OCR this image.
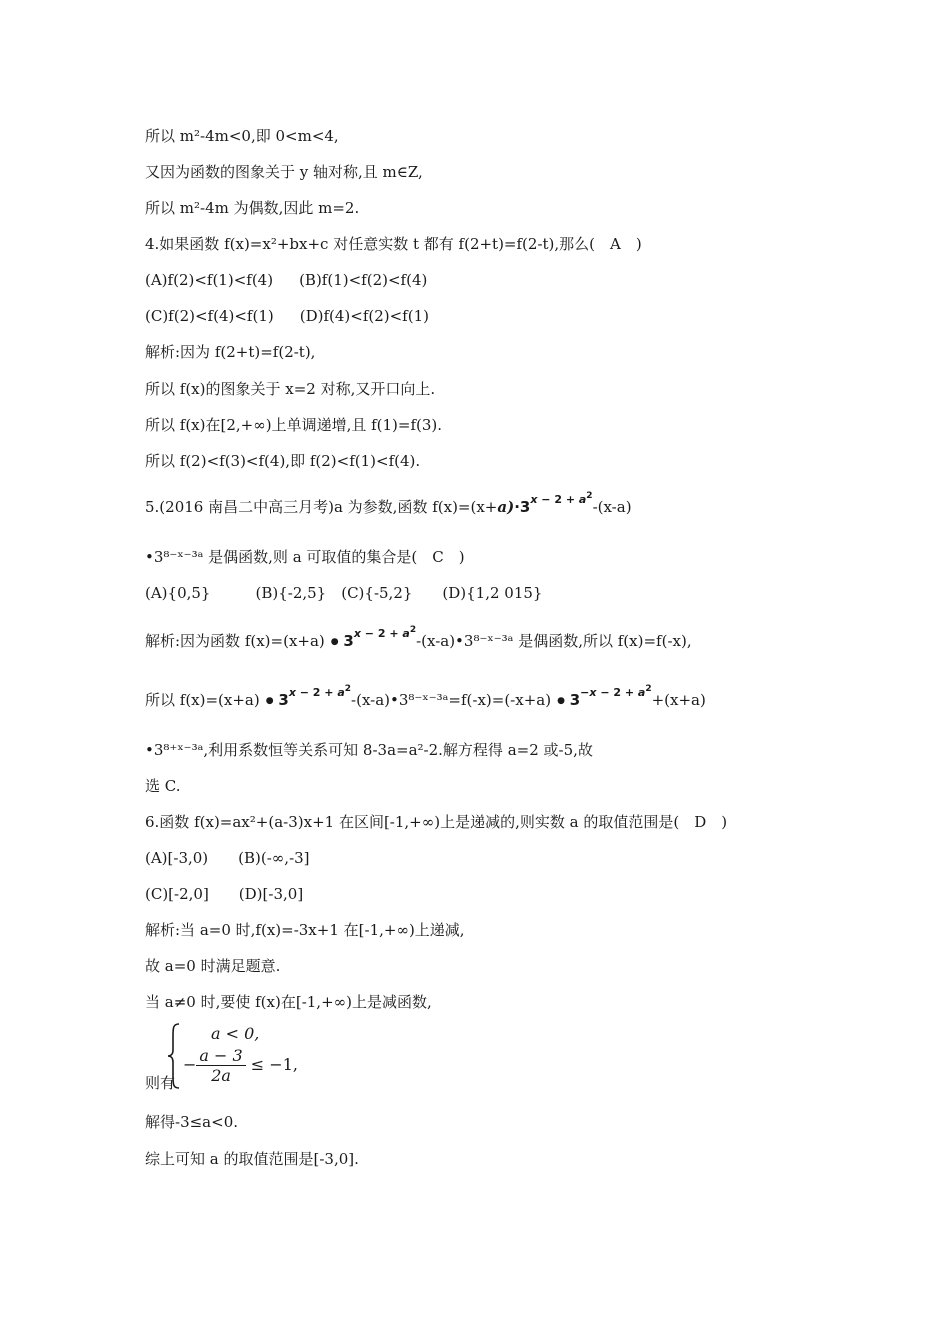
所以 m²-4m<0,即 0<m<4,
又因为函数的图象关于 y 轴对称,且 m∈Z,
所以 m²-4m 为偶数,因此 m=2.
4.如果函数 f(x)=x²+bx+c 对任意实数 t 都有 f(2+t)=f(2-t),那么(　A　)
(A)f(2)<f(1)<f(4) (B)f(1)<f(2)<f(4)
(C)f(2)<f(4)<f(1) (D)f(4)<f(2)<f(1)
解析:因为 f(2+t)=f(2-t),
所以 f(x)的图象关于 x=2 对称,又开口向上.
所以 f(x)在[2,+∞)上单调递增,且 f(1)=f(3).
所以 f(2)<f(3)<f(4),即 f(2)<f(1)<f(4).
5.(2016 南昌二中高三月考)a 为参数,函数 $f(x)=(x+a)\cdot 3^{x - 2 + a^2}-(x-a)$
•3⁸⁻ˣ⁻³ᵃ 是偶函数,则 a 可取值的集合是(　C　)
(A){0,5}　　　(B){-2,5}　(C){-5,2}　　(D){1,2 015}
解析:因为函数 f(x)=(x+a) ● $3^{x - 2 + a^2}-(x-a)•3^{8-}ˣ^{-3}ᵃ$ 是偶函数,所以 f(x)=f(-x),
所以 f(x)=(x+a) ● $3^{x - 2 + a^2}-(x-a)•3^{8-}ˣ^{-3}ᵃ=f(-x)=(-x+a)$ ● $3^{-x - 2 + a^2}+(x+a)$
•3⁸⁺ˣ⁻³ᵃ,利用系数恒等关系可知 8-3a=a²-2.解方程得 a=2 或-5,故
选 C.
6.函数 f(x)=ax²+(a-3)x+1 在区间[-1,+∞)上是递减的,则实数 a 的取值范围是(　D　)
(A)[-3,0)　　(B)(-∞,-3]
(C)[-2,0]　　(D)[-3,0]
解析:当 a=0 时,f(x)=-3x+1 在[-1,+∞)上递减,
故 a=0 时满足题意.
当 a≠0 时,要使 f(x)在[-1,+∞)上是减函数,
则有
a < 0,
− $\frac{a - 3}{2a} \le -1$,
解得-3≤a<0.
综上可知 a 的取值范围是[-3,0].
